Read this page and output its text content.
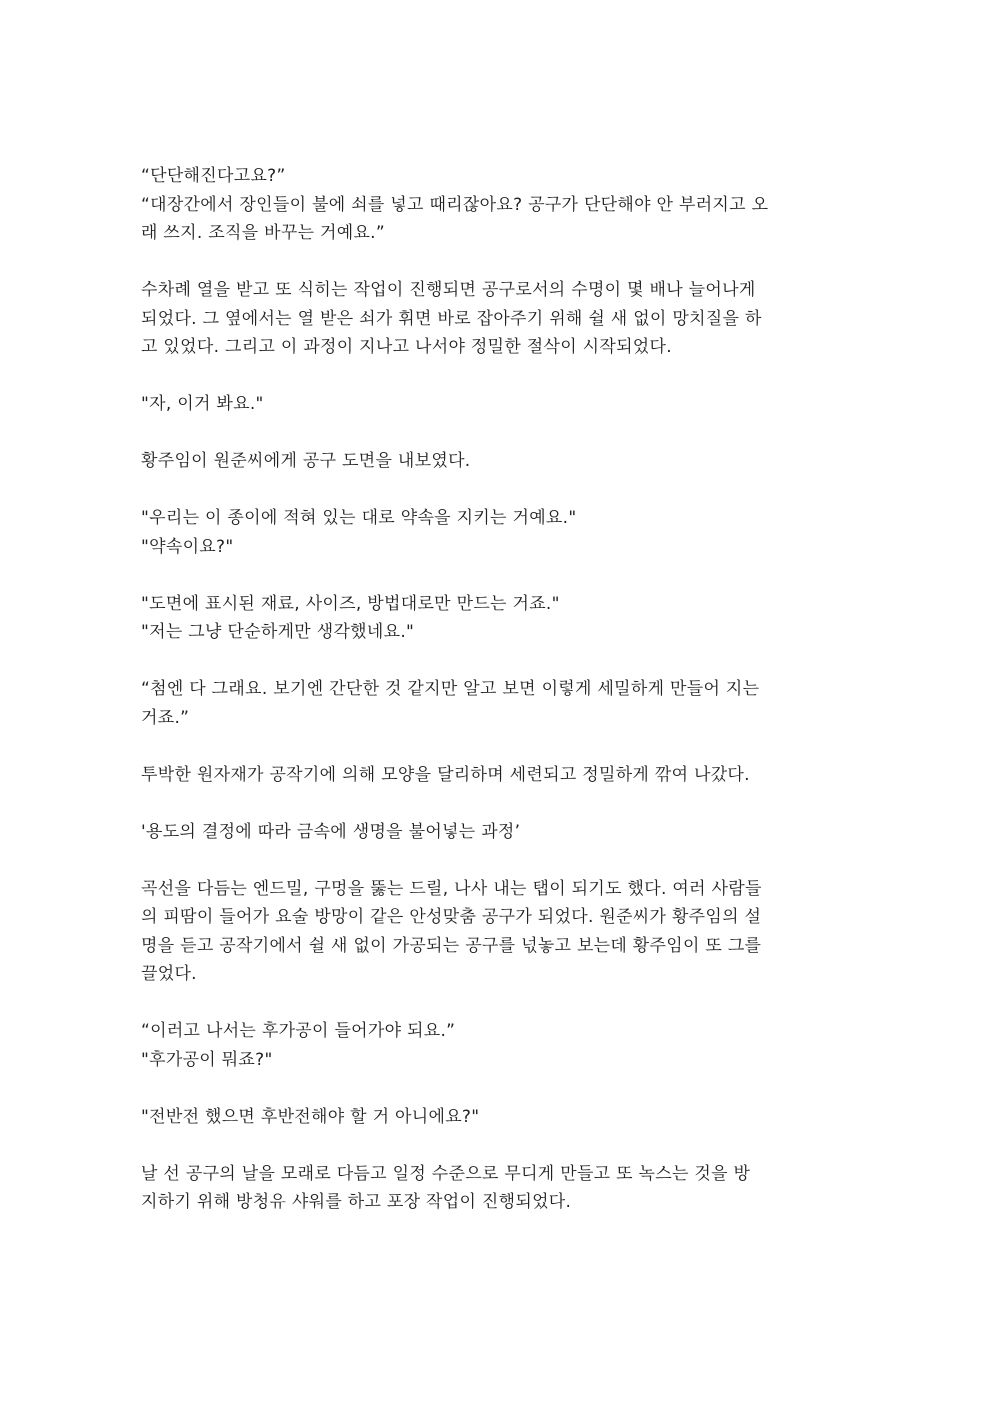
“단단해진다고요?”
“대장간에서 장인들이 불에 쇠를 넣고 때리잖아요? 공구가 단단해야 안 부러지고 오
래 쓰지. 조직을 바꾸는 거예요.”
수차례 열을 받고 또 식히는 작업이 진행되면 공구로서의 수명이 몇 배나 늘어나게
되었다. 그 옆에서는 열 받은 쇠가 휘면 바로 잡아주기 위해 쉴 새 없이 망치질을 하
고 있었다. 그리고 이 과정이 지나고 나서야 정밀한 절삭이 시작되었다.
"자, 이거 봐요."
황주임이 원준씨에게 공구 도면을 내보였다.
"우리는 이 종이에 적혀 있는 대로 약속을 지키는 거예요."
"약속이요?"
"도면에 표시된 재료, 사이즈, 방법대로만 만드는 거죠."
"저는 그냥 단순하게만 생각했네요."
“첨엔 다 그래요. 보기엔 간단한 것 같지만 알고 보면 이렇게 세밀하게 만들어 지는
거죠.”
투박한 원자재가 공작기에 의해 모양을 달리하며 세련되고 정밀하게 깎여 나갔다.
'용도의 결정에 따라 금속에 생명을 불어넣는 과정’
곡선을 다듬는 엔드밀, 구멍을 뚫는 드릴, 나사 내는 탭이 되기도 했다. 여러 사람들
의 피땀이 들어가 요술 방망이 같은 안성맞춤 공구가 되었다. 원준씨가 황주임의 설
명을 듣고 공작기에서 쉴 새 없이 가공되는 공구를 넋놓고 보는데 황주임이 또 그를
끌었다.
“이러고 나서는 후가공이 들어가야 되요.”
"후가공이 뭐죠?"
"전반전 했으면 후반전해야 할 거 아니에요?"
날 선 공구의 날을 모래로 다듬고 일정 수준으로 무디게 만들고 또 녹스는 것을 방
지하기 위해 방청유 샤워를 하고 포장 작업이 진행되었다.
